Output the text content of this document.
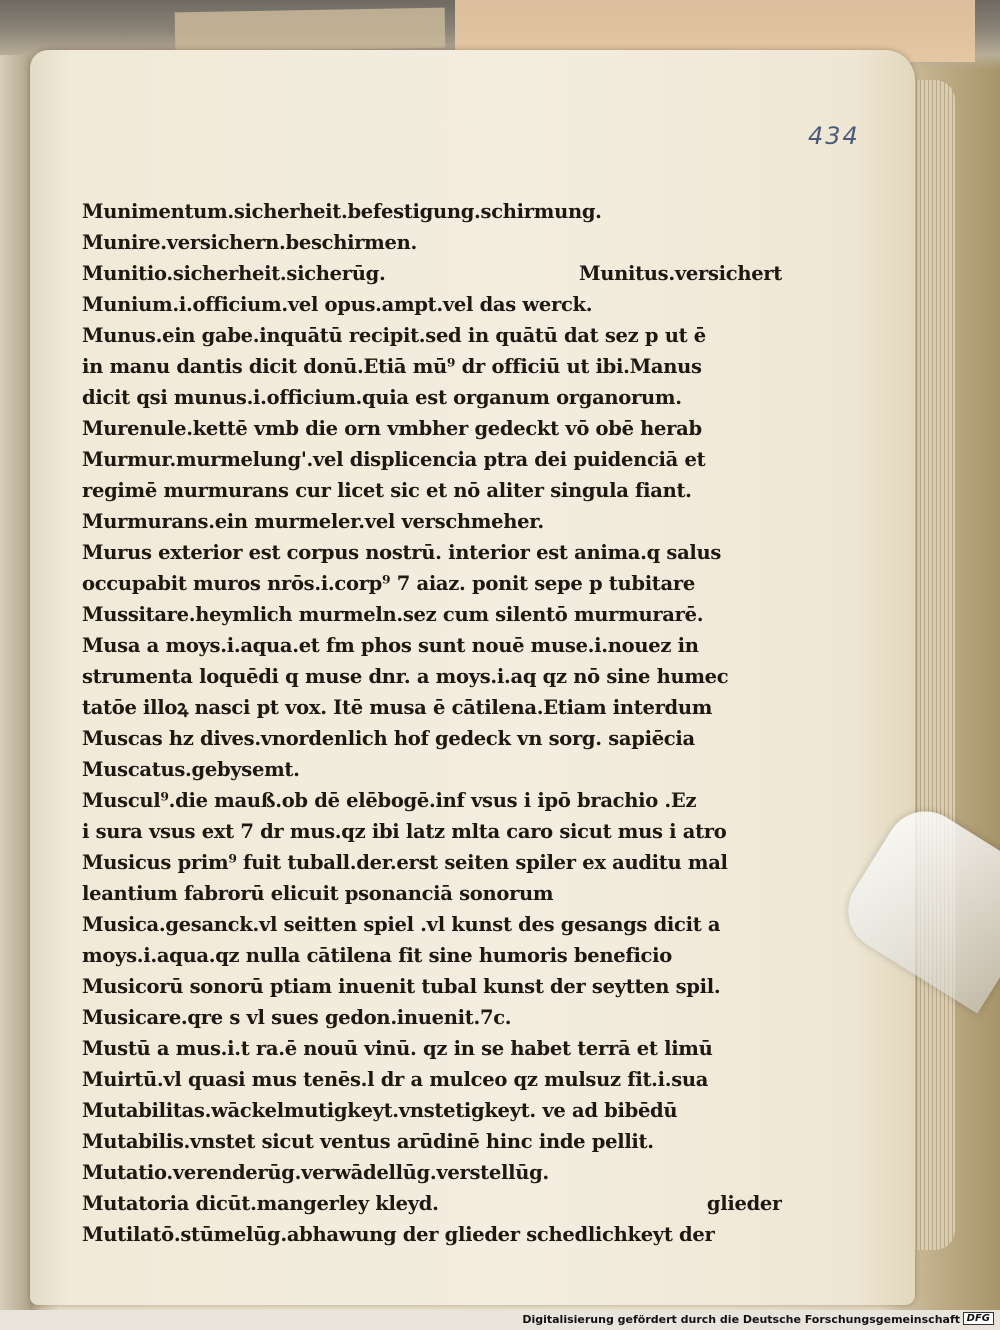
434
Munimentum.sicherheit.befestigung.schirmung.
Munire.versichern.beschirmen.
Munitus.versichert
Munitio.sicherheit.sicherūg.
Munium.i.officium.vel opus.ampt.vel das werck.
Munus.ein gabe.inquātū recipit.sed in quātū dat sez p ut ē
in manu dantis dicit donū.Etiā mū⁹ dr officiū ut ibi.Manus
dicit qsi munus.i.officium.quia est organum organorum.
Murenule.kettē vmb die orn vmbher gedeckt vō obē herab
Murmur.murmelung'.vel displicencia ptra dei puidenciā et
regimē murmurans cur licet sic et nō aliter singula fiant.
Murmurans.ein murmeler.vel verschmeher.
Murus exterior est corpus nostrū. interior est anima.q salus
occupabit muros nrōs.i.corp⁹ 7 aiaz. ponit sepe p tubitare
Mussitare.heymlich murmeln.sez cum silentō murmurarē.
Musa a moys.i.aqua.et fm phos sunt nouē muse.i.nouez in
strumenta loquēdi q muse dnr. a moys.i.aq qz nō sine humec
tatōe illoꝝ nasci pt vox. Itē musa ē cātilena.Etiam interdum
Muscas hz dives.vnordenlich hof gedeck vn sorg. sapiēcia
Muscatus.gebysemt.
Muscul⁹.die mauß.ob dē elēbogē.inf vsus i ipō brachio .Ez
i sura vsus ext 7 dr mus.qz ibi latz mlta caro sicut mus i atro
Musicus prim⁹ fuit tuball.der.erst seiten spiler ex auditu mal
leantium fabrorū elicuit psonanciā sonorum
Musica.gesanck.vl seitten spiel .vl kunst des gesangs dicit a
moys.i.aqua.qz nulla cātilena fit sine humoris beneficio
Musicorū sonorū ptiam inuenit tubal kunst der seytten spil.
Musicare.qre s vl sues gedon.inuenit.7c.
Mustū a mus.i.t ra.ē nouū vinū. qz in se habet terrā et limū
Muirtū.vl quasi mus tenēs.l dr a mulceo qz mulsuz fit.i.sua
Mutabilitas.wāckelmutigkeyt.vnstetigkeyt. ve ad bibēdū
Mutabilis.vnstet sicut ventus arūdinē hinc inde pellit.
Mutatio.verenderūg.verwādellūg.verstellūg.
glieder
Mutatoria dicūt.mangerley kleyd.
Mutilatō.stūmelūg.abhawung der glieder schedlichkeyt der
Digitalisierung gefördert durch die Deutsche Forschungsgemeinschaft DFG
